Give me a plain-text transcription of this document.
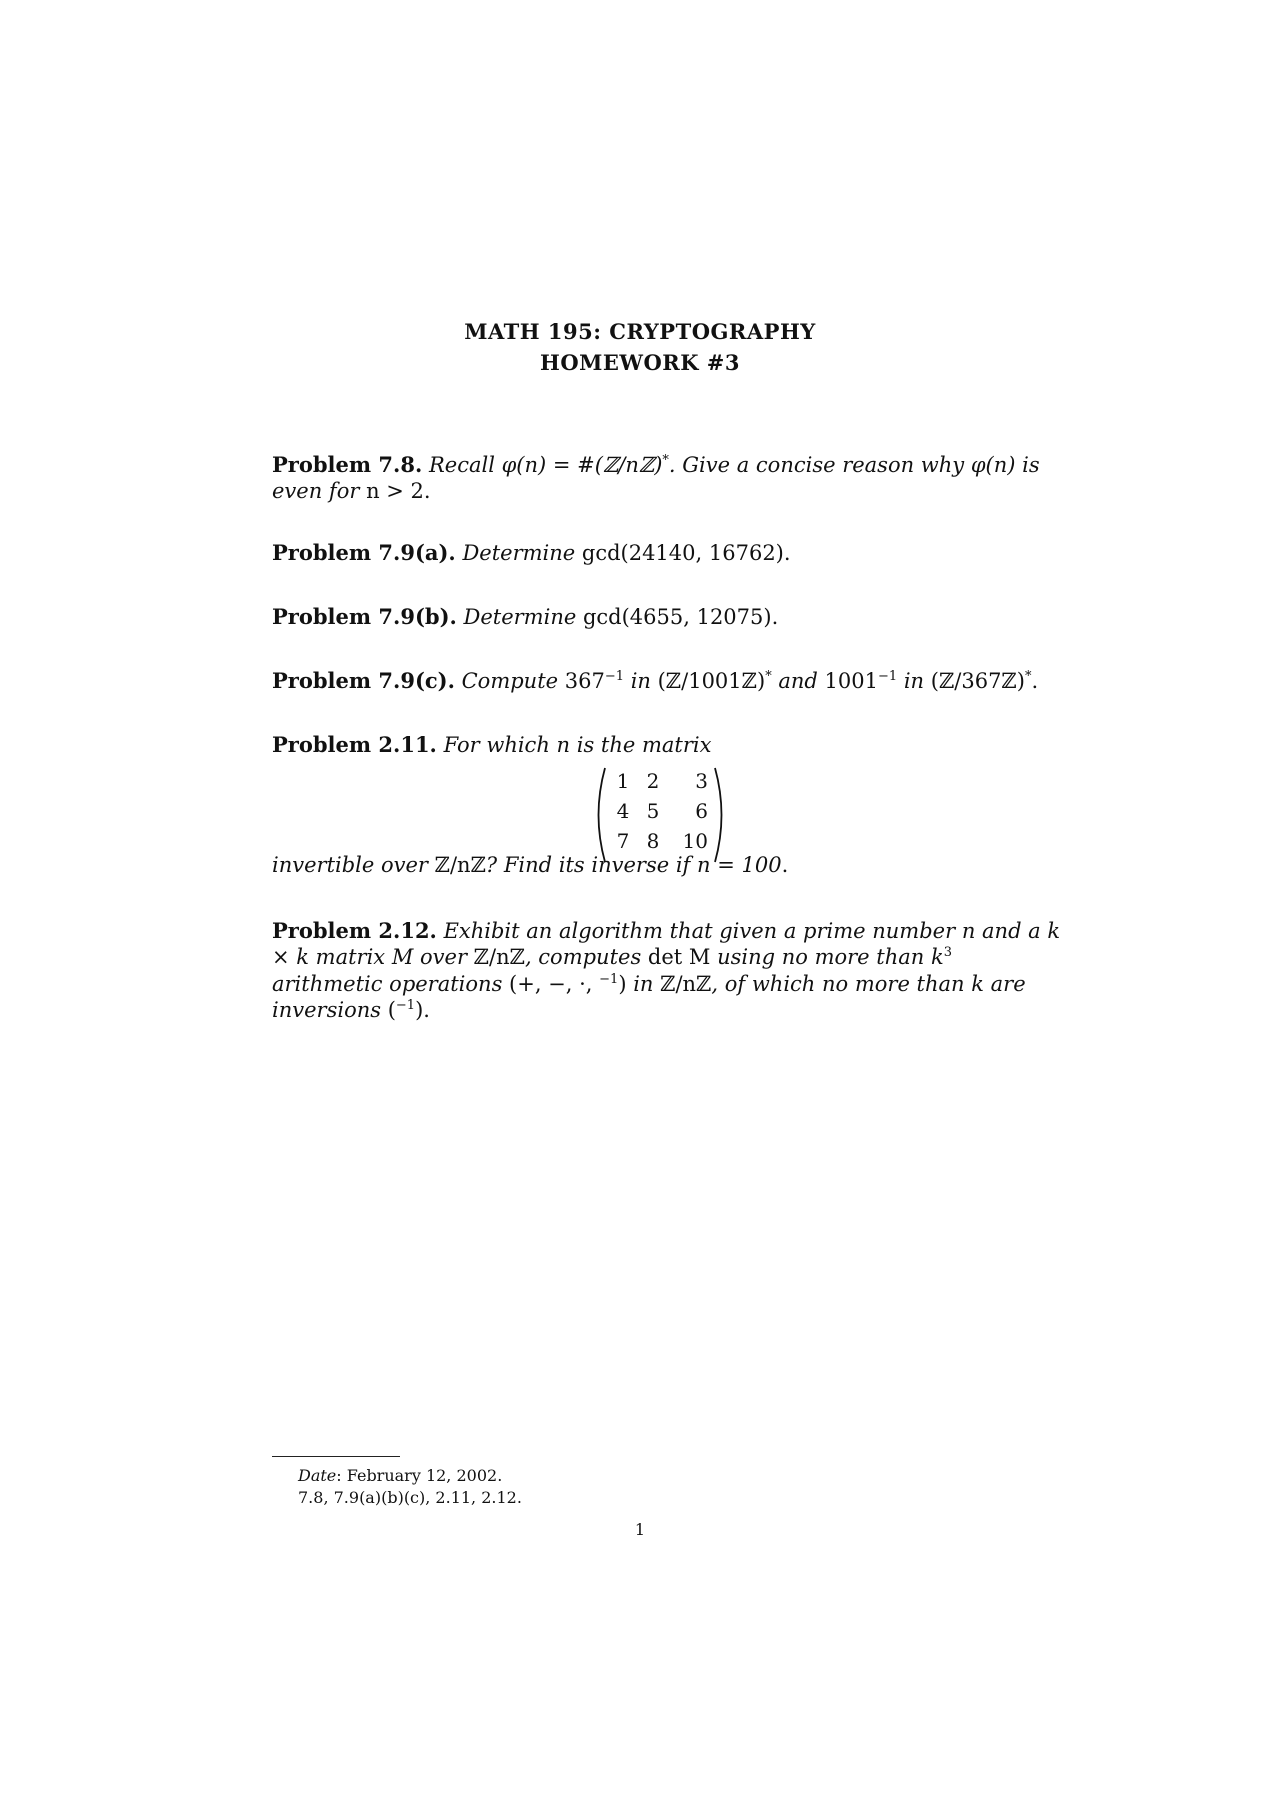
MATH 195: CRYPTOGRAPHY
HOMEWORK #3
Problem 7.8. Recall φ(n) = #(ℤ/nℤ)*. Give a concise reason why φ(n) is even for n > 2.
Problem 7.9(a). Determine gcd(24140, 16762).
Problem 7.9(b). Determine gcd(4655, 12075).
Problem 7.9(c). Compute $367^{-1}$ in (ℤ/1001ℤ)* and $1001^{-1}$ in (ℤ/367ℤ)*.
Problem 2.11. For which n is the matrix
1 2	3
4 5	6
7 8	10
invertible over ℤ/nℤ? Find its inverse if n = 100.
Problem 2.12. Exhibit an algorithm that given a prime number n and a k × k matrix M over ℤ/nℤ, computes det M using no more than $k^3$ arithmetic operations (+, −, ·, $^{-1}$) in ℤ/nℤ, of which no more than k are inversions ($^{-1}$).
Date: February 12, 2002.
7.8, 7.9(a)(b)(c), 2.11, 2.12.
1
